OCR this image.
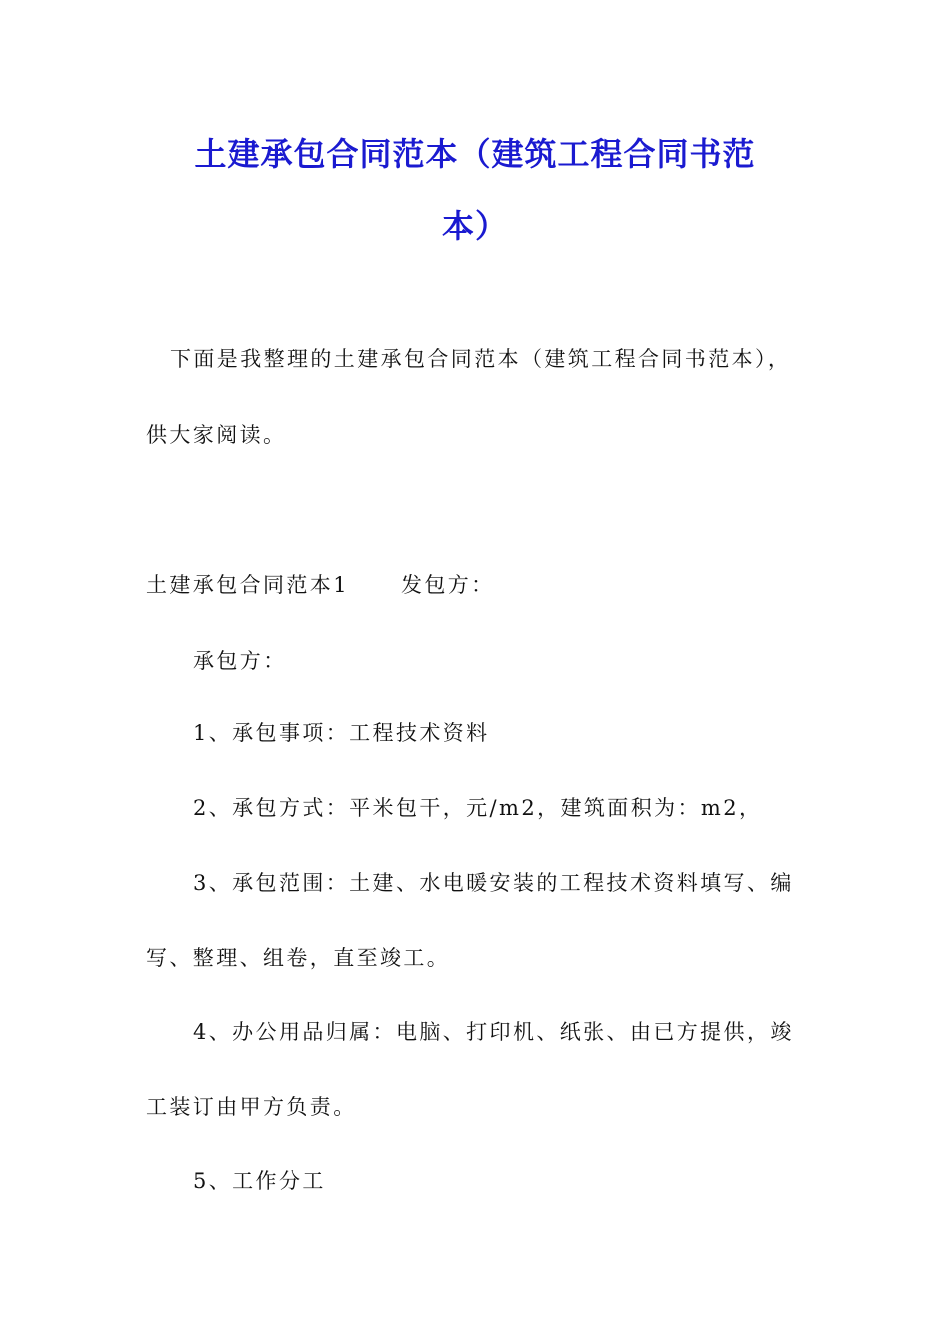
土建承包合同范本（建筑工程合同书范
本）
下面是我整理的土建承包合同范本（建筑工程合同书范本），
供大家阅读。
土建承包合同范本1 发包方：
承包方：
1、承包事项：工程技术资料
2、承包方式：平米包干，元/m2，建筑面积为：m2，
3、承包范围：土建、水电暖安装的工程技术资料填写、编
写、整理、组卷，直至竣工。
4、办公用品归属：电脑、打印机、纸张、由已方提供，竣
工装订由甲方负责。
5、工作分工
